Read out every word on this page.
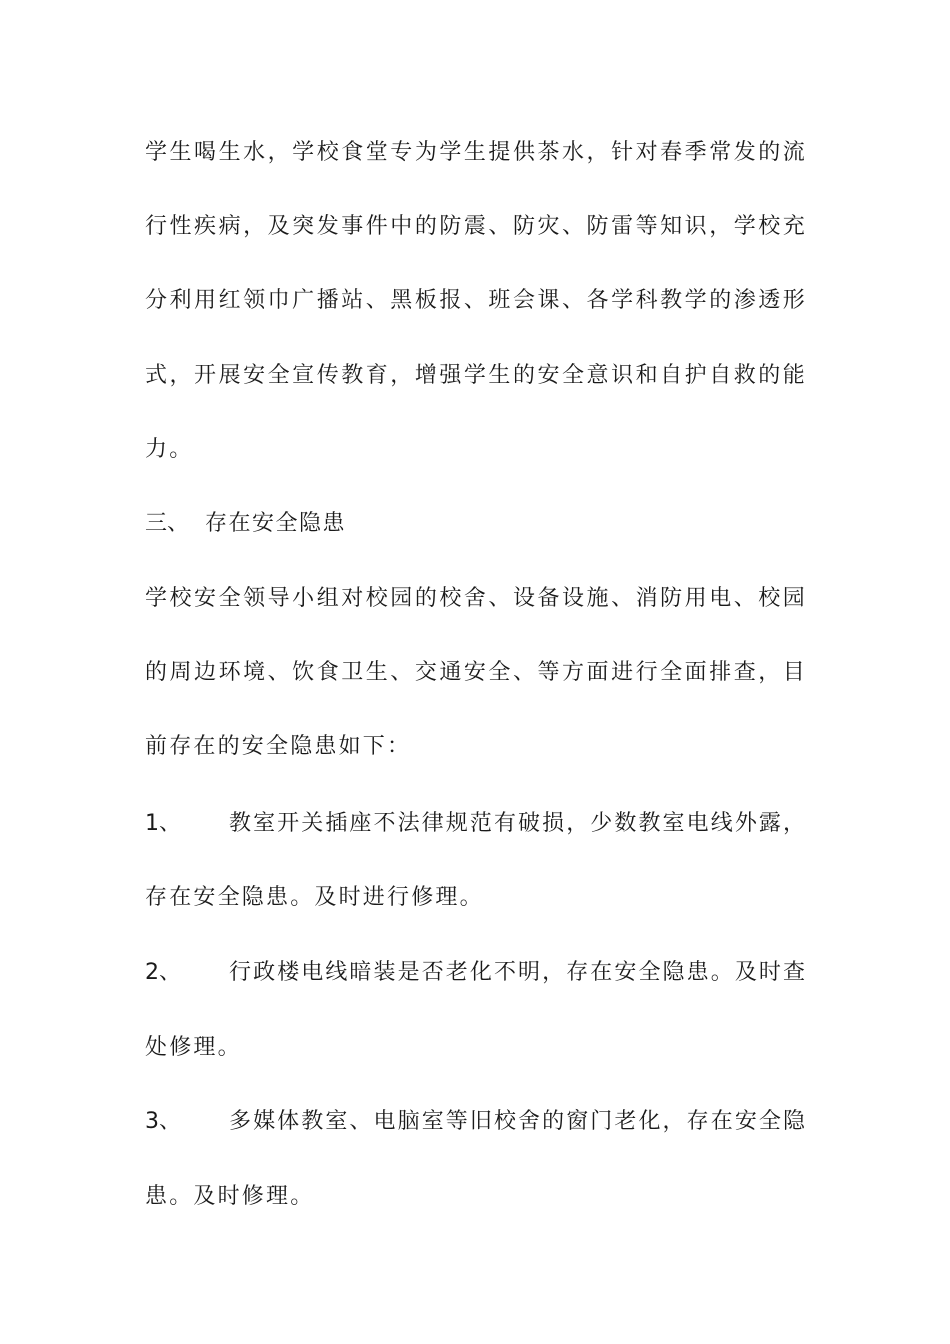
学生喝生水，学校食堂专为学生提供茶水，针对春季常发的流
行性疾病，及突发事件中的防震、防灾、防雷等知识，学校充
分利用红领巾广播站、黑板报、班会课、各学科教学的渗透形
式，开展安全宣传教育，增强学生的安全意识和自护自救的能
力。
三、 存在安全隐患
学校安全领导小组对校园的校舍、设备设施、消防用电、校园
的周边环境、饮食卫生、交通安全、等方面进行全面排查，目
前存在的安全隐患如下：
1、 教室开关插座不法律规范有破损，少数教室电线外露，
存在安全隐患。及时进行修理。
2、 行政楼电线暗装是否老化不明，存在安全隐患。及时查
处修理。
3、 多媒体教室、电脑室等旧校舍的窗门老化，存在安全隐
患。及时修理。
